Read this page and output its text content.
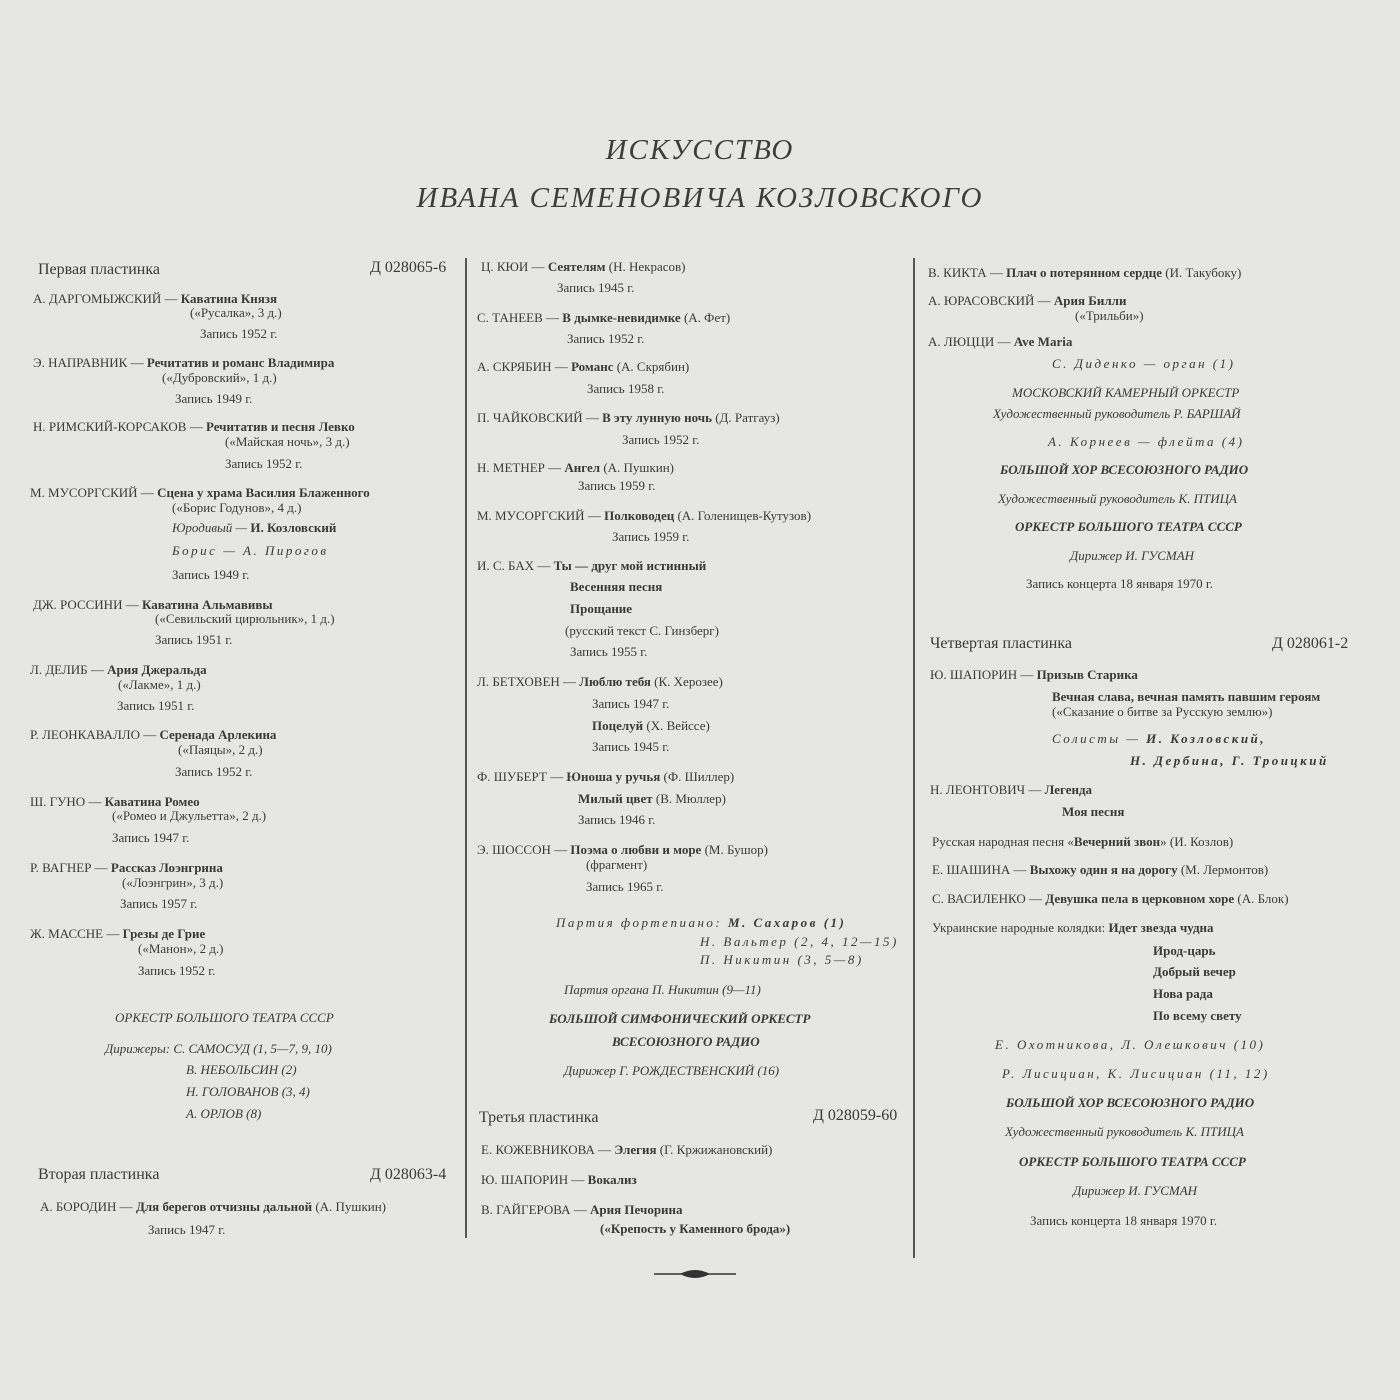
ИСКУССТВО
ИВАНА СЕМЕНОВИЧА КОЗЛОВСКОГО
Первая пластинка	Д 028065-6
А. ДАРГОМЫЖСКИЙ — Каватина Князя
(«Русалка», 3 д.)
Запись 1952 г.
Э. НАПРАВНИК — Речитатив и романс Владимира
(«Дубровский», 1 д.)
Запись 1949 г.
Н. РИМСКИЙ-КОРСАКОВ — Речитатив и песня Левко
(«Майская ночь», 3 д.)
Запись 1952 г.
М. МУСОРГСКИЙ — Сцена у храма Василия Блаженного
(«Борис Годунов», 4 д.)
Юродивый — И. Козловский
Борис — А. Пирогов
Запись 1949 г.
ДЖ. РОССИНИ — Каватина Альмавивы
(«Севильский цирюльник», 1 д.)
Запись 1951 г.
Л. ДЕЛИБ — Ария Джеральда
(«Лакме», 1 д.)
Запись 1951 г.
Р. ЛЕОНКАВАЛЛО — Серенада Арлекина
(«Паяцы», 2 д.)
Запись 1952 г.
Ш. ГУНО — Каватина Ромео
(«Ромео и Джульетта», 2 д.)
Запись 1947 г.
Р. ВАГНЕР — Рассказ Лоэнгрина
(«Лоэнгрин», 3 д.)
Запись 1957 г.
Ж. МАССНЕ — Грезы де Грие
(«Манон», 2 д.)
Запись 1952 г.
ОРКЕСТР БОЛЬШОГО ТЕАТРА СССР
Дирижеры: С. САМОСУД (1, 5—7, 9, 10)
В. НЕБОЛЬСИН (2)
Н. ГОЛОВАНОВ (3, 4)
А. ОРЛОВ (8)
Вторая пластинка	Д 028063-4
А. БОРОДИН — Для берегов отчизны дальной (А. Пушкин)
Запись 1947 г.
Ц. КЮИ — Сеятелям (Н. Некрасов)
Запись 1945 г.
С. ТАНЕЕВ — В дымке-невидимке (А. Фет)
Запись 1952 г.
А. СКРЯБИН — Романс (А. Скрябин)
Запись 1958 г.
П. ЧАЙКОВСКИЙ — В эту лунную ночь (Д. Ратгауз)
Запись 1952 г.
Н. МЕТНЕР — Ангел (А. Пушкин)
Запись 1959 г.
М. МУСОРГСКИЙ — Полководец (А. Голенищев-Кутузов)
Запись 1959 г.
И. С. БАХ — Ты — друг мой истинный
Весенняя песня
Прощание
(русский текст С. Гинзберг)
Запись 1955 г.
Л. БЕТХОВЕН — Люблю тебя (К. Херозее)
Запись 1947 г.
Поцелуй (Х. Вейссе)
Запись 1945 г.
Ф. ШУБЕРТ — Юноша у ручья (Ф. Шиллер)
Милый цвет (В. Мюллер)
Запись 1946 г.
Э. ШОССОН — Поэма о любви и море (М. Бушор)
(фрагмент)
Запись 1965 г.
Партия фортепиано: М. Сахаров (1)
Н. Вальтер (2, 4, 12—15)
П. Никитин (3, 5—8)
Партия органа П. Никитин (9—11)
БОЛЬШОЙ СИМФОНИЧЕСКИЙ ОРКЕСТР
ВСЕСОЮЗНОГО РАДИО
Дирижер Г. РОЖДЕСТВЕНСКИЙ (16)
Третья пластинка	Д 028059-60
Е. КОЖЕВНИКОВА — Элегия (Г. Кржижановский)
Ю. ШАПОРИН — Вокализ
В. ГАЙГЕРОВА — Ария Печорина
(«Крепость у Каменного брода»)
В. КИКТА — Плач о потерянном сердце (И. Такубоку)
А. ЮРАСОВСКИЙ — Ария Билли
(«Трильби»)
А. ЛЮЦЦИ — Ave Maria
С. Диденко — орган (1)
МОСКОВСКИЙ КАМЕРНЫЙ ОРКЕСТР
Художественный руководитель Р. БАРШАЙ
А. Корнеев — флейта (4)
БОЛЬШОЙ ХОР ВСЕСОЮЗНОГО РАДИО
Художественный руководитель К. ПТИЦА
ОРКЕСТР БОЛЬШОГО ТЕАТРА СССР
Дирижер И. ГУСМАН
Запись концерта 18 января 1970 г.
Четвертая пластинка	Д 028061-2
Ю. ШАПОРИН — Призыв Старика
Вечная слава, вечная память павшим героям
(«Сказание о битве за Русскую землю»)
Солисты — И. Козловский,
Н. Дербина, Г. Троицкий
Н. ЛЕОНТОВИЧ — Легенда
Моя песня
Русская народная песня «Вечерний звон» (И. Козлов)
Е. ШАШИНА — Выхожу один я на дорогу (М. Лермонтов)
С. ВАСИЛЕНКО — Девушка пела в церковном хоре (А. Блок)
Украинские народные колядки: Идет звезда чудна
Ирод-царь
Добрый вечер
Нова рада
По всему свету
Е. Охотникова, Л. Олешкович (10)
Р. Лисициан, К. Лисициан (11, 12)
БОЛЬШОЙ ХОР ВСЕСОЮЗНОГО РАДИО
Художественный руководитель К. ПТИЦА
ОРКЕСТР БОЛЬШОГО ТЕАТРА СССР
Дирижер И. ГУСМАН
Запись концерта 18 января 1970 г.
